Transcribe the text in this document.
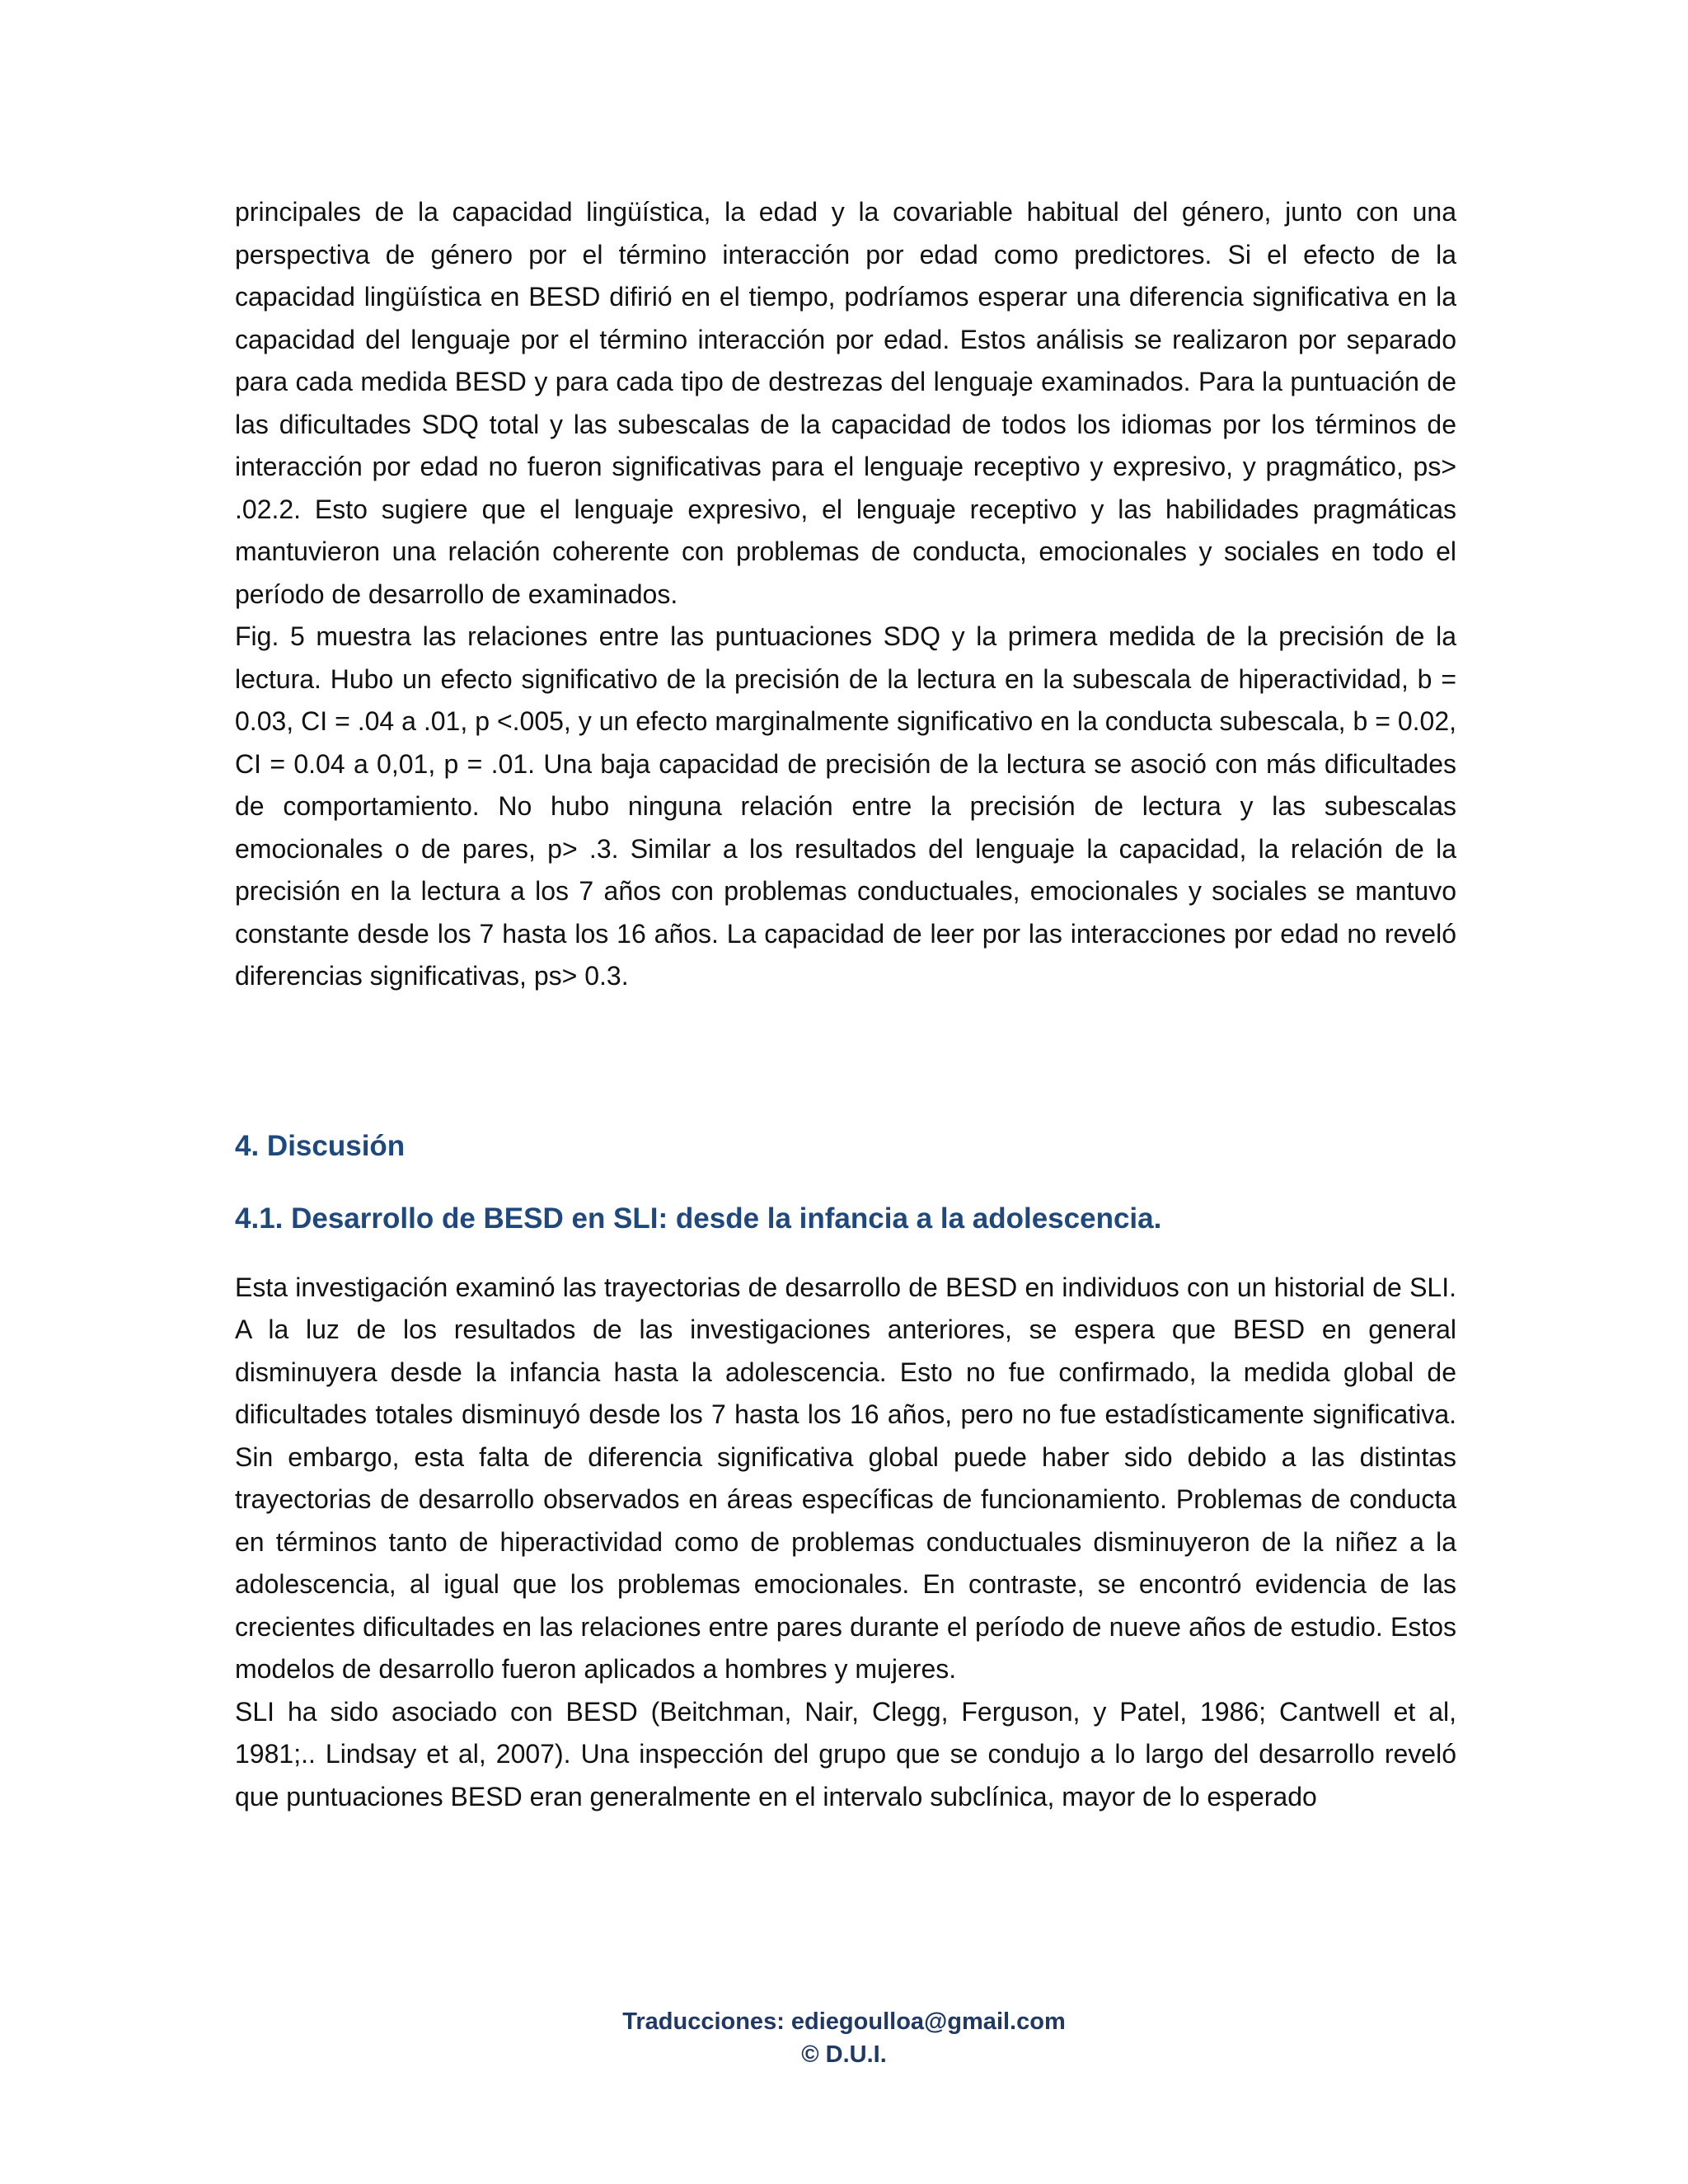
principales de la capacidad lingüística, la edad y la covariable habitual del género, junto con una perspectiva de género por el término interacción por edad como predictores. Si el efecto de la capacidad lingüística en BESD difirió en el tiempo, podríamos esperar una diferencia significativa en la capacidad del lenguaje por el término interacción por edad. Estos análisis se realizaron por separado para cada medida BESD y para cada tipo de destrezas del lenguaje examinados. Para la puntuación de las dificultades SDQ total y las subescalas de la capacidad de todos los idiomas por los términos de interacción por edad no fueron significativas para el lenguaje receptivo y expresivo, y pragmático, ps> .02.2. Esto sugiere que el lenguaje expresivo, el lenguaje receptivo y las habilidades pragmáticas mantuvieron una relación coherente con problemas de conducta, emocionales y sociales en todo el período de desarrollo de examinados.

Fig. 5 muestra las relaciones entre las puntuaciones SDQ y la primera medida de la precisión de la lectura. Hubo un efecto significativo de la precisión de la lectura en la subescala de hiperactividad, b = 0.03, CI = .04 a .01, p <.005, y un efecto marginalmente significativo en la conducta subescala, b = 0.02, CI = 0.04 a 0,01, p = .01. Una baja capacidad de precisión de la lectura se asoció con más dificultades de comportamiento. No hubo ninguna relación entre la precisión de lectura y las subescalas emocionales o de pares, p> .3. Similar a los resultados del lenguaje la capacidad, la relación de la precisión en la lectura a los 7 años con problemas conductuales, emocionales y sociales se mantuvo constante desde los 7 hasta los 16 años. La capacidad de leer por las interacciones por edad no reveló diferencias significativas, ps> 0.3.

4. Discusión
4.1. Desarrollo de BESD en SLI: desde la infancia a la adolescencia.

Esta investigación examinó las trayectorias de desarrollo de BESD en individuos con un historial de SLI. A la luz de los resultados de las investigaciones anteriores, se espera que BESD en general disminuyera desde la infancia hasta la adolescencia. Esto no fue confirmado, la medida global de dificultades totales disminuyó desde los 7 hasta los 16 años, pero no fue estadísticamente significativa. Sin embargo, esta falta de diferencia significativa global puede haber sido debido a las distintas trayectorias de desarrollo observados en áreas específicas de funcionamiento. Problemas de conducta en términos tanto de hiperactividad como de problemas conductuales disminuyeron de la niñez a la adolescencia, al igual que los problemas emocionales. En contraste, se encontró evidencia de las crecientes dificultades en las relaciones entre pares durante el período de nueve años de estudio. Estos modelos de desarrollo fueron aplicados a hombres y mujeres.

SLI ha sido asociado con BESD (Beitchman, Nair, Clegg, Ferguson, y Patel, 1986; Cantwell et al, 1981;.. Lindsay et al, 2007). Una inspección del grupo que se condujo a lo largo del desarrollo reveló que puntuaciones BESD eran generalmente en el intervalo subclínica, mayor de lo esperado

Traducciones: ediegoulloa@gmail.com
© D.U.I.
